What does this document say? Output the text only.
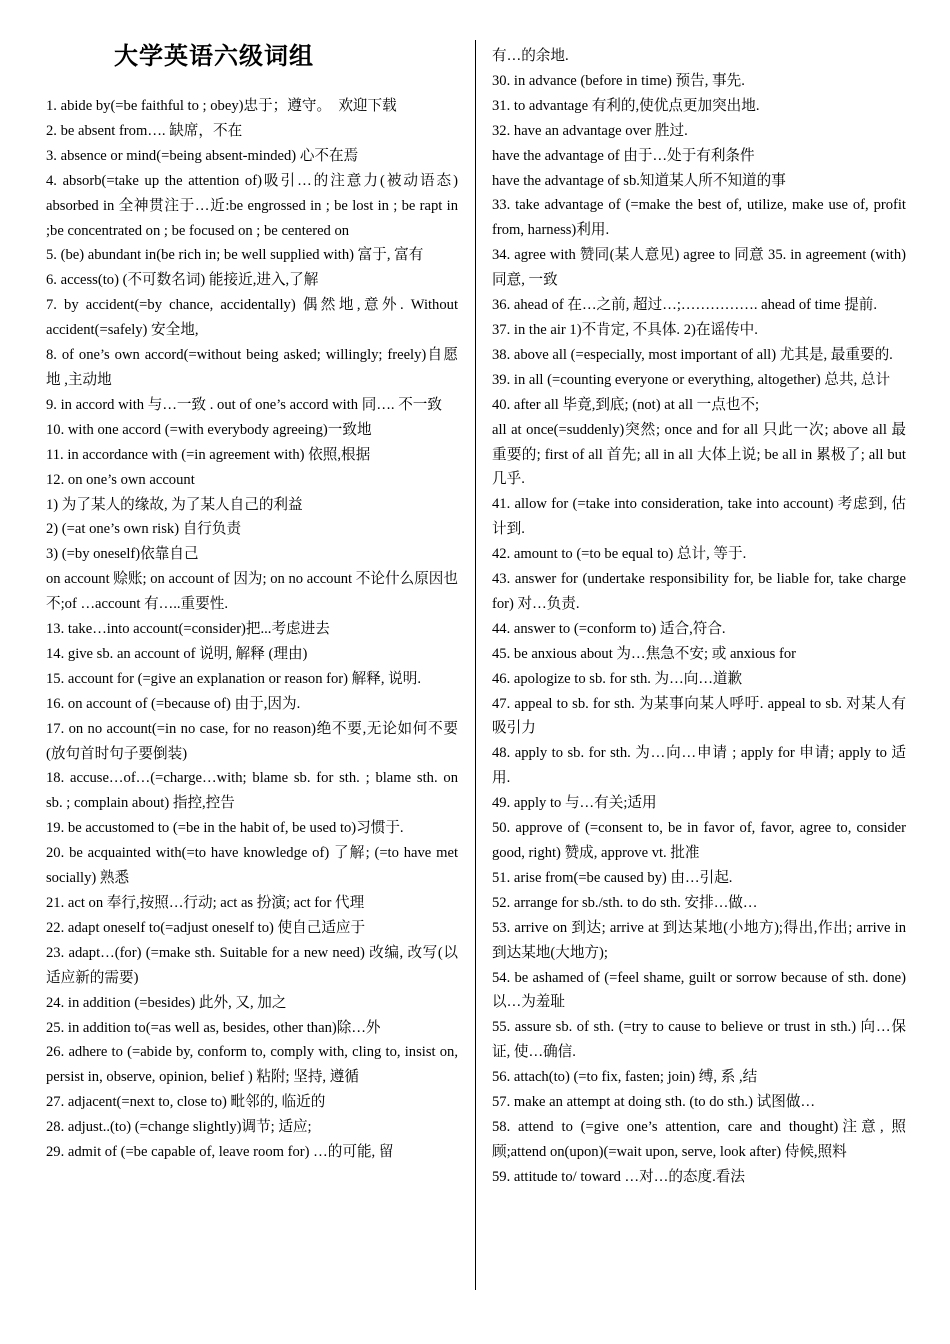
大学英语六级词组

1. abide by(=be faithful to ; obey)忠于；遵守。　欢迎下载

2. be absent from…. 缺席，不在

3. absence or mind(=being absent-minded) 心不在焉

4. absorb(=take up the attention of)吸引…的注意力(被动语态) absorbed in 全神贯注于…近:be engrossed in ; be lost in ; be rapt in ;be concentrated on ; be focused on ; be centered on

5. (be) abundant in(be rich in; be well supplied with) 富于, 富有

6. access(to) (不可数名词) 能接近,进入,了解

7. by accident(=by chance, accidentally) 偶然地,意外. Without accident(=safely) 安全地,

8. of one’s own accord(=without being asked; willingly; freely)自愿地 ,主动地

9. in accord with 与…一致 . out of one’s accord with 同…. 不一致

10. with one accord (=with everybody agreeing)一致地

11. in accordance with (=in agreement with) 依照,根据

12. on one’s own account

1) 为了某人的缘故, 为了某人自己的利益

2) (=at one’s own risk) 自行负责

3) (=by oneself)依靠自己

on account 赊账; on account of 因为; on no account 不论什么原因也不;of …account 有…..重要性.

13. take…into account(=consider)把...考虑进去

14. give sb. an account of 说明, 解释 (理由)

15. account for (=give an explanation or reason for) 解释, 说明.

16. on account of (=because of) 由于,因为.

17. on no account(=in no case, for no reason)绝不要,无论如何不要(放句首时句子要倒装)

18. accuse…of…(=charge…with; blame sb. for sth. ; blame sth. on sb. ; complain about) 指控,控告

19. be accustomed to (=be in the habit of, be used to)习惯于.

20. be acquainted with(=to have knowledge of) 了解; (=to have met socially) 熟悉

21. act on 奉行,按照…行动; act as 扮演; act for 代理

22. adapt oneself to(=adjust oneself to) 使自己适应于

23. adapt…(for) (=make sth. Suitable for a new need) 改编, 改写(以适应新的需要)

24. in addition (=besides) 此外, 又, 加之

25. in addition to(=as well as, besides, other than)除…外

26. adhere to (=abide by, conform to, comply with, cling to, insist on, persist in, observe, opinion, belief ) 粘附; 坚持, 遵循

27. adjacent(=next to, close to) 毗邻的, 临近的

28. adjust..(to) (=change slightly)调节; 适应;

29. admit of (=be capable of, leave room for) …的可能, 留

有…的余地.

30. in advance (before in time) 预告, 事先.

31. to advantage 有利的,使优点更加突出地.

32. have an advantage over 胜过.

have the advantage of 由于…处于有利条件

have the advantage of sb.知道某人所不知道的事

33. take advantage of (=make the best of, utilize, make use of, profit from, harness)利用.

34. agree with 赞同(某人意见) agree to 同意 35. in agreement (with) 同意, 一致

36. ahead of 在…之前, 超过…;……………. ahead of time 提前.

37. in the air 1)不肯定, 不具体. 2)在谣传中.

38. above all (=especially, most important of all) 尤其是, 最重要的.

39. in all (=counting everyone or everything, altogether) 总共, 总计

40. after all 毕竟,到底; (not) at all 一点也不;

all at once(=suddenly)突然; once and for all 只此一次; above all 最重要的; first of all 首先; all in all 大体上说; be all in 累极了; all but 几乎.

41. allow for (=take into consideration, take into account) 考虑到, 估计到.

42. amount to (=to be equal to) 总计, 等于.

43. answer for (undertake responsibility for, be liable for, take charge for) 对…负责.

44. answer to (=conform to) 适合,符合.

45. be anxious about 为…焦急不安; 或 anxious for

46. apologize to sb. for sth. 为…向…道歉

47. appeal to sb. for sth. 为某事向某人呼吁. appeal to sb. 对某人有吸引力

48. apply to sb. for sth. 为…向…申请 ; apply for 申请; apply to 适用.

49. apply to 与…有关;适用

50. approve of (=consent to, be in favor of, favor, agree to, consider good, right) 赞成, approve vt. 批准

51. arise from(=be caused by) 由…引起.

52. arrange for sb./sth. to do sth. 安排…做…

53. arrive on 到达; arrive at 到达某地(小地方);得出,作出; arrive in 到达某地(大地方);

54. be ashamed of (=feel shame, guilt or sorrow because of sth. done) 以…为羞耻

55. assure sb. of sth. (=try to cause to believe or trust in sth.) 向…保证, 使…确信.

56. attach(to) (=to fix, fasten; join) 缚, 系 ,结

57. make an attempt at doing sth. (to do sth.) 试图做…

58. attend to (=give one’s attention, care and thought)注意, 照顾;attend on(upon)(=wait upon, serve, look after) 侍候,照料

59. attitude to/ toward …对…的态度.看法
